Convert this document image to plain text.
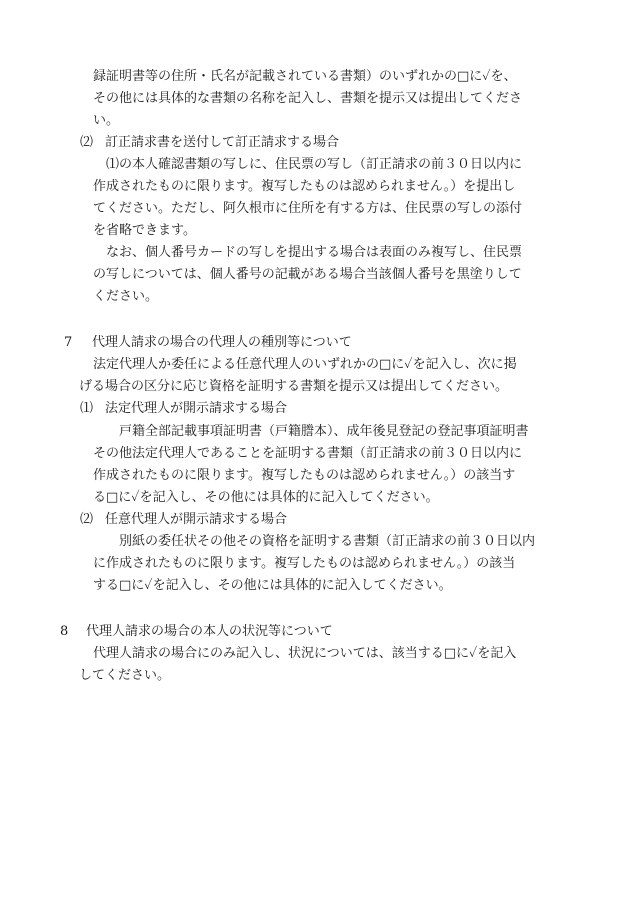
録証明書等の住所・氏名が記載されている書類）のいずれかの□に✓を、
その他には具体的な書類の名称を記入し、書類を提示又は提出してくださ
い。
⑵ 訂正請求書を送付して訂正請求する場合
⑴の本人確認書類の写しに、住民票の写し（訂正請求の前３０日以内に
作成されたものに限ります。複写したものは認められません。）を提出し
てください。ただし、阿久根市に住所を有する方は、住民票の写しの添付
を省略できます。
なお、個人番号カードの写しを提出する場合は表面のみ複写し、住民票
の写しについては、個人番号の記載がある場合当該個人番号を黒塗りして
ください。
7 代理人請求の場合の代理人の種別等について
法定代理人か委任による任意代理人のいずれかの□に✓を記入し、次に掲
げる場合の区分に応じ資格を証明する書類を提示又は提出してください。
⑴ 法定代理人が開示請求する場合
戸籍全部記載事項証明書（戸籍謄本）、成年後見登記の登記事項証明書
その他法定代理人であることを証明する書類（訂正請求の前３０日以内に
作成されたものに限ります。複写したものは認められません。）の該当す
る□に✓を記入し、その他には具体的に記入してください。
⑵ 任意代理人が開示請求する場合
別紙の委任状その他その資格を証明する書類（訂正請求の前３０日以内
に作成されたものに限ります。複写したものは認められません。）の該当
する□に✓を記入し、その他には具体的に記入してください。
8 代理人請求の場合の本人の状況等について
代理人請求の場合にのみ記入し、状況については、該当する□に✓を記入
してください。
